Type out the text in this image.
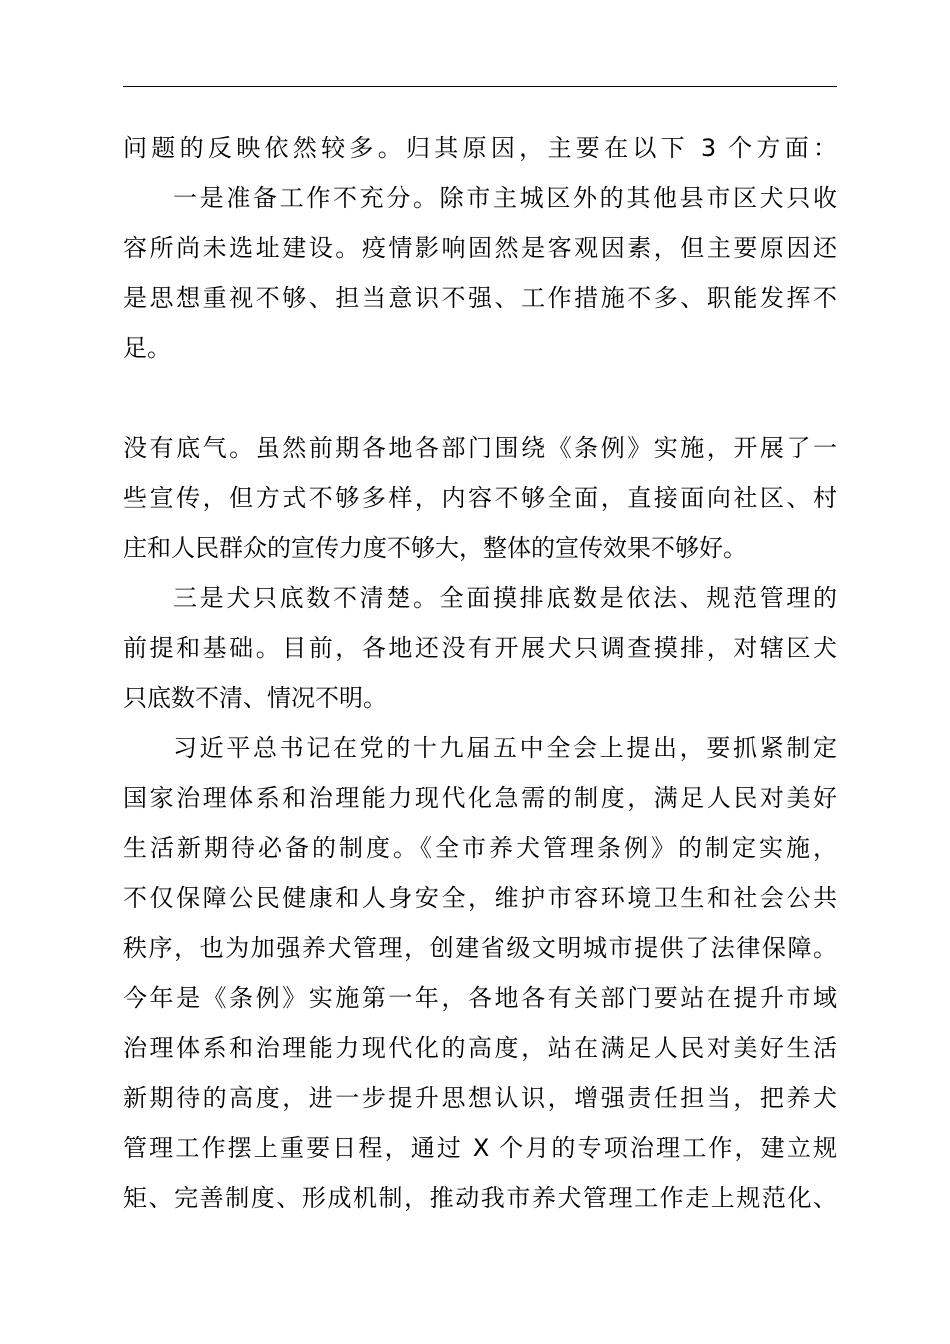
问题的反映依然较多。归其原因，主要在以下 3 个方面：
一是准备工作不充分。除市主城区外的其他县市区犬只收
容所尚未选址建设。疫情影响固然是客观因素，但主要原因还
是思想重视不够、担当意识不强、工作措施不多、职能发挥不
足。
没有底气。虽然前期各地各部门围绕《条例》实施，开展了一
些宣传，但方式不够多样，内容不够全面，直接面向社区、村
庄和人民群众的宣传力度不够大，整体的宣传效果不够好。
三是犬只底数不清楚。全面摸排底数是依法、规范管理的
前提和基础。目前，各地还没有开展犬只调查摸排，对辖区犬
只底数不清、情况不明。
习近平总书记在党的十九届五中全会上提出，要抓紧制定
国家治理体系和治理能力现代化急需的制度，满足人民对美好
生活新期待必备的制度。《全市养犬管理条例》的制定实施，
不仅保障公民健康和人身安全，维护市容环境卫生和社会公共
秩序，也为加强养犬管理，创建省级文明城市提供了法律保障。
今年是《条例》实施第一年，各地各有关部门要站在提升市域
治理体系和治理能力现代化的高度，站在满足人民对美好生活
新期待的高度，进一步提升思想认识，增强责任担当，把养犬
管理工作摆上重要日程，通过 X 个月的专项治理工作，建立规
矩、完善制度、形成机制，推动我市养犬管理工作走上规范化、
